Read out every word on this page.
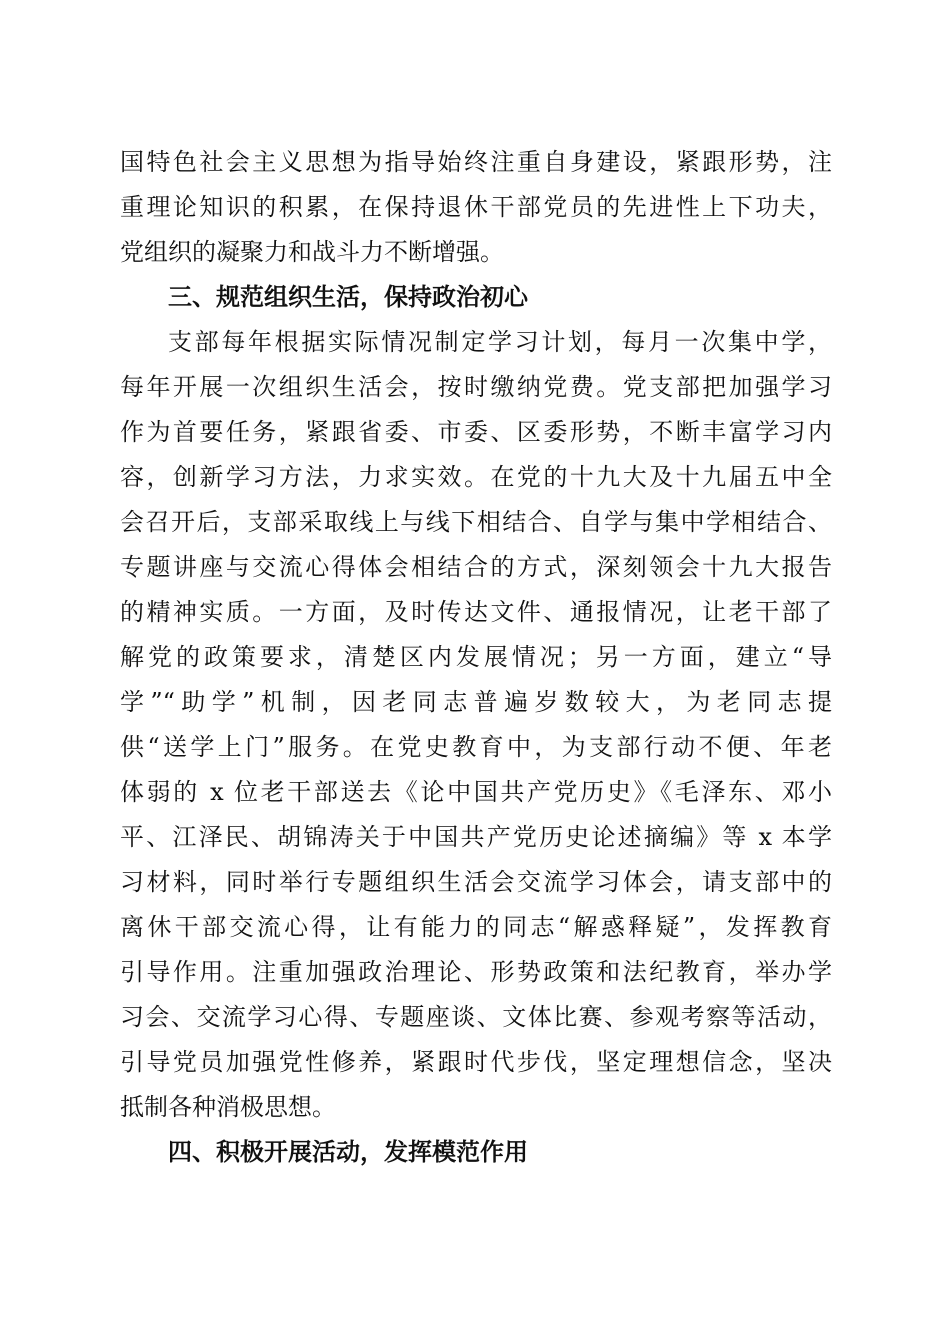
国特色社会主义思想为指导始终注重自身建设，紧跟形势，注
重理论知识的积累，在保持退休干部党员的先进性上下功夫，
党组织的凝聚力和战斗力不断增强。
三、规范组织生活，保持政治初心
支部每年根据实际情况制定学习计划，每月一次集中学，
每年开展一次组织生活会，按时缴纳党费。党支部把加强学习
作为首要任务，紧跟省委、市委、区委形势，不断丰富学习内
容，创新学习方法，力求实效。在党的十九大及十九届五中全
会召开后，支部采取线上与线下相结合、自学与集中学相结合、
专题讲座与交流心得体会相结合的方式，深刻领会十九大报告
的精神实质。一方面，及时传达文件、通报情况，让老干部了
解党的政策要求，清楚区内发展情况；另一方面，建立“导
学”“助学”机制，因老同志普遍岁数较大，为老同志提
供“送学上门”服务。在党史教育中，为支部行动不便、年老
体弱的 x 位老干部送去《论中国共产党历史》《毛泽东、邓小
平、江泽民、胡锦涛关于中国共产党历史论述摘编》等 x 本学
习材料，同时举行专题组织生活会交流学习体会，请支部中的
离休干部交流心得，让有能力的同志“解惑释疑”，发挥教育
引导作用。注重加强政治理论、形势政策和法纪教育，举办学
习会、交流学习心得、专题座谈、文体比赛、参观考察等活动，
引导党员加强党性修养，紧跟时代步伐，坚定理想信念，坚决
抵制各种消极思想。
四、积极开展活动，发挥模范作用
